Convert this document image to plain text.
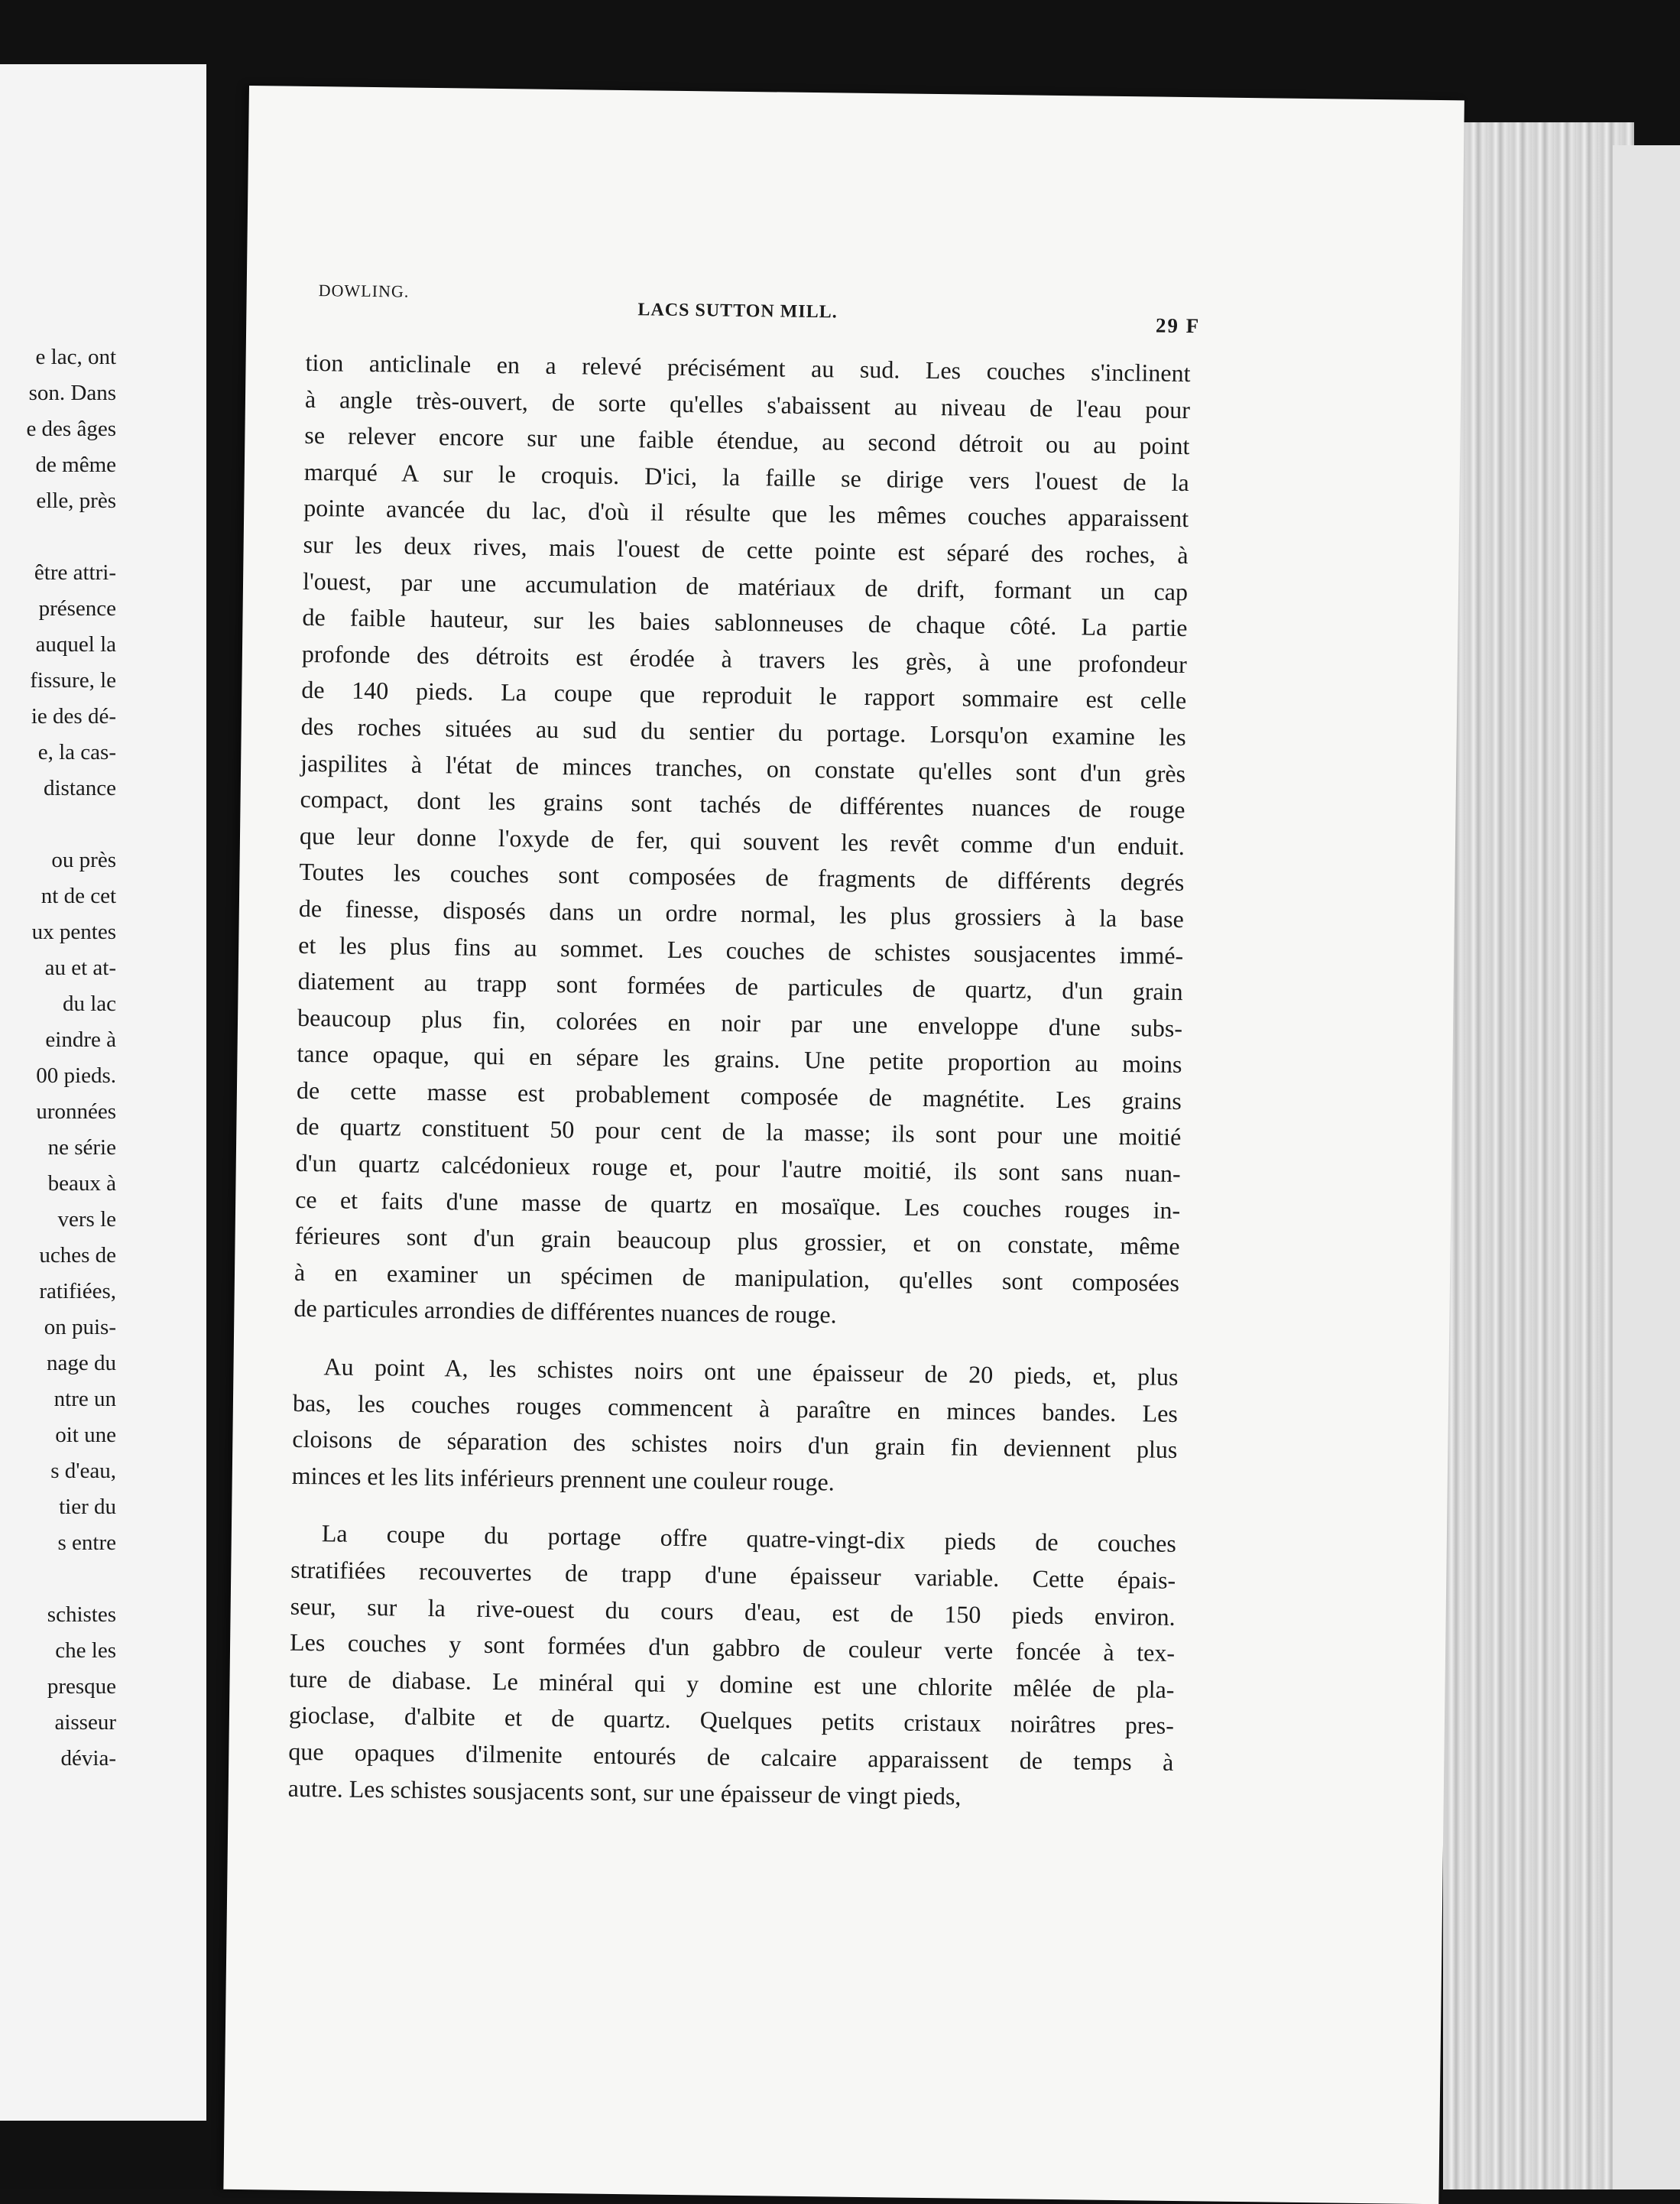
e lac, ont
son. Dans
e des âges
de même
elle, près
être attri-
présence
auquel la
fissure, le
ie des dé-
e, la cas-
distance
ou près
nt de cet
ux pentes
au et at-
du lac
eindre à
00 pieds.
uronnées
ne série
beaux à
vers le
uches de
ratifiées,
on puis-
nage du
ntre un
oit une
s d'eau,
tier du
s entre
schistes
che les
presque
aisseur
dévia-
DOWLING.
LACS SUTTON MILL.
29 F

tion anticlinale en a relevé précisément au sud. Les couches s'inclinent
à angle très-ouvert, de sorte qu'elles s'abaissent au niveau de l'eau pour
se relever encore sur une faible étendue, au second détroit ou au point
marqué A sur le croquis. D'ici, la faille se dirige vers l'ouest de la
pointe avancée du lac, d'où il résulte que les mêmes couches apparaissent
sur les deux rives, mais l'ouest de cette pointe est séparé des roches, à
l'ouest, par une accumulation de matériaux de drift, formant un cap
de faible hauteur, sur les baies sablonneuses de chaque côté. La partie
profonde des détroits est érodée à travers les grès, à une profondeur
de 140 pieds. La coupe que reproduit le rapport sommaire est celle
des roches situées au sud du sentier du portage. Lorsqu'on examine les
jaspilites à l'état de minces tranches, on constate qu'elles sont d'un grès
compact, dont les grains sont tachés de différentes nuances de rouge
que leur donne l'oxyde de fer, qui souvent les revêt comme d'un enduit.
Toutes les couches sont composées de fragments de différents degrés
de finesse, disposés dans un ordre normal, les plus grossiers à la base
et les plus fins au sommet. Les couches de schistes sousjacentes immé-
diatement au trapp sont formées de particules de quartz, d'un grain
beaucoup plus fin, colorées en noir par une enveloppe d'une subs-
tance opaque, qui en sépare les grains. Une petite proportion au moins
de cette masse est probablement composée de magnétite. Les grains
de quartz constituent 50 pour cent de la masse; ils sont pour une moitié
d'un quartz calcédonieux rouge et, pour l'autre moitié, ils sont sans nuan-
ce et faits d'une masse de quartz en mosaïque. Les couches rouges in-
férieures sont d'un grain beaucoup plus grossier, et on constate, même
à en examiner un spécimen de manipulation, qu'elles sont composées
de particules arrondies de différentes nuances de rouge.

Au point A, les schistes noirs ont une épaisseur de 20 pieds, et, plus
bas, les couches rouges commencent à paraître en minces bandes. Les
cloisons de séparation des schistes noirs d'un grain fin deviennent plus
minces et les lits inférieurs prennent une couleur rouge.

La coupe du portage offre quatre-vingt-dix pieds de couches
stratifiées recouvertes de trapp d'une épaisseur variable. Cette épais-
seur, sur la rive-ouest du cours d'eau, est de 150 pieds environ.
Les couches y sont formées d'un gabbro de couleur verte foncée à tex-
ture de diabase. Le minéral qui y domine est une chlorite mêlée de pla-
gioclase, d'albite et de quartz. Quelques petits cristaux noirâtres pres-
que opaques d'ilmenite entourés de calcaire apparaissent de temps à
autre. Les schistes sousjacents sont, sur une épaisseur de vingt pieds,
